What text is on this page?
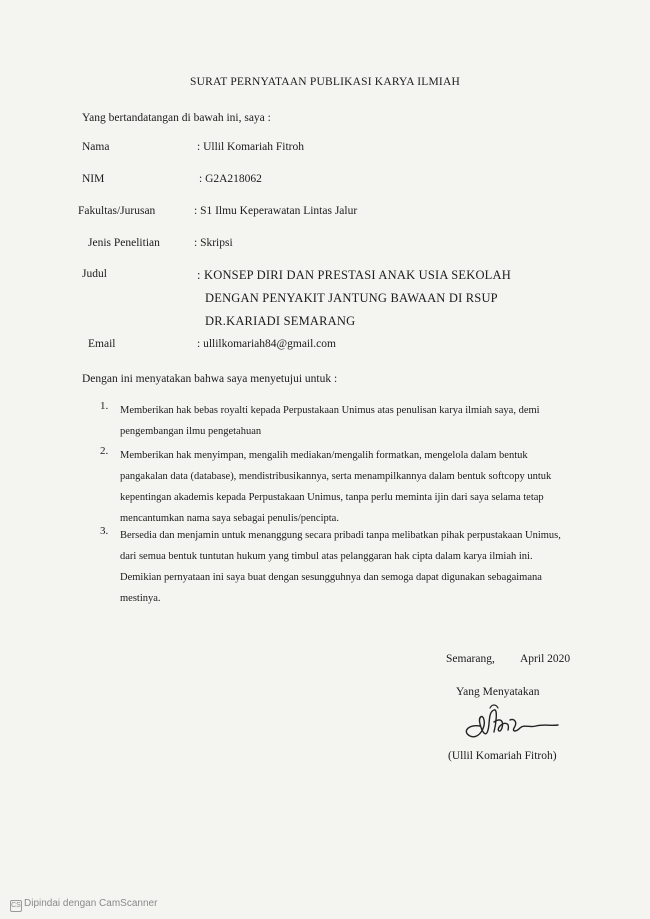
SURAT PERNYATAAN PUBLIKASI KARYA ILMIAH
Yang bertandatangan di bawah ini, saya :
Nama	: Ullil Komariah Fitroh
NIM	: G2A218062
Fakultas/Jurusan	: S1 Ilmu Keperawatan Lintas Jalur
Jenis Penelitian	: Skripsi
Judul	: KONSEP DIRI DAN PRESTASI ANAK USIA SEKOLAH
DENGAN PENYAKIT JANTUNG BAWAAN DI RSUP
DR.KARIADI SEMARANG
Email	: ullilkomariah84@gmail.com
Dengan ini menyatakan bahwa saya menyetujui untuk :
1. Memberikan hak bebas royalti kepada Perpustakaan Unimus atas penulisan karya ilmiah saya, demi pengembangan ilmu pengetahuan
2. Memberikan hak menyimpan, mengalih mediakan/mengalih formatkan, mengelola dalam bentuk pangakalan data (database), mendistribusikannya, serta menampilkannya dalam bentuk softcopy untuk kepentingan akademis kepada Perpustakaan Unimus, tanpa perlu meminta ijin dari saya selama tetap mencantumkan nama saya sebagai penulis/pencipta.
3. Bersedia dan menjamin untuk menanggung secara pribadi tanpa melibatkan pihak perpustakaan Unimus, dari semua bentuk tuntutan hukum yang timbul atas pelanggaran hak cipta dalam karya ilmiah ini. Demikian pernyataan ini saya buat dengan sesungguhnya dan semoga dapat digunakan sebagaimana mestinya.
Semarang, April 2020
Yang Menyatakan
(Ullil Komariah Fitroh)
CS Dipindai dengan CamScanner
